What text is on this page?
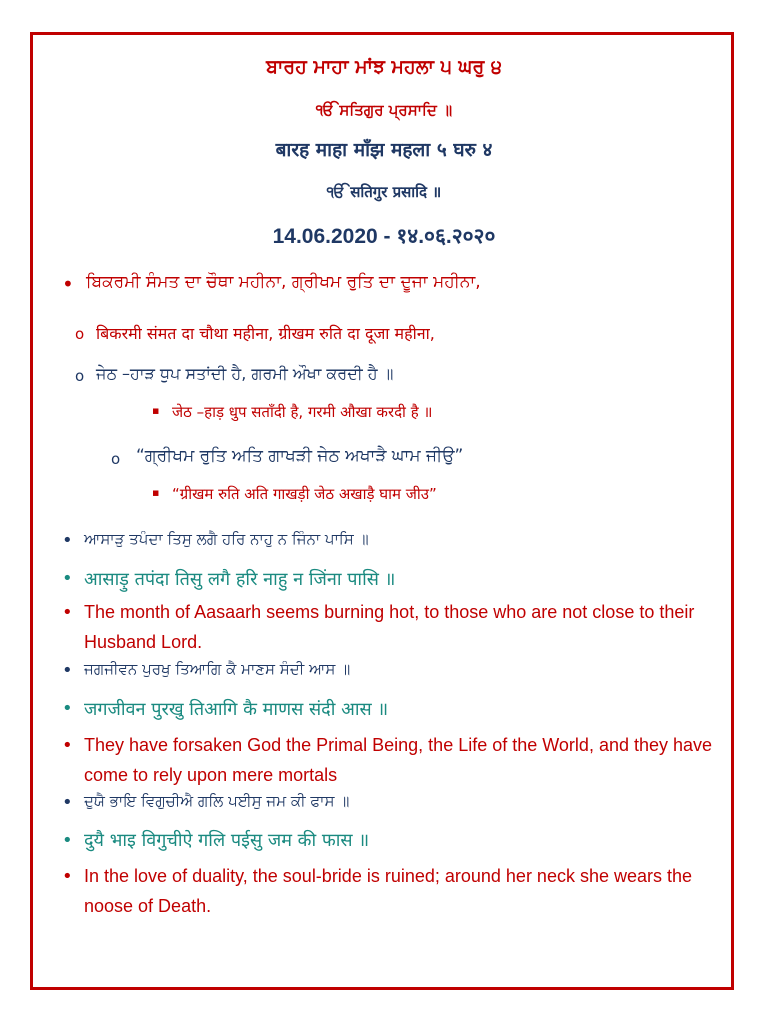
ਬਾਰਹ ਮਾਹਾ ਮਾਂਝ ਮਹਲਾ ੫ ਘਰੁ ੪
ੴ ਸਤਿਗੁਰ ਪ੍ਰਸਾਦਿ ॥
बारह माहा माँझ महला ५ घरु ४
ੴ सतिगुर प्रसादि ॥
14.06.2020 - १४.०६.२०२०
•
ਬਿਕਰਮੀ ਸੰਮਤ ਦਾ ਚੌਥਾ ਮਹੀਨਾ, ਗ੍ਰੀਖਮ ਰੁਤਿ ਦਾ ਦੂਜਾ ਮਹੀਨਾ,
o
बिकरमी संमत दा चौथा महीना, ग्रीखम रुति दा दूजा महीना,
o
ਜੇਠ –ਹਾੜ ਧੁਪ ਸਤਾਂਦੀ ਹੈ, ਗਰਮੀ ਔਖਾ ਕਰਦੀ ਹੈ ॥
▪
जेठ –हाड़ धुप सताँदी है, गरमी औखा करदी है ॥
o
“ਗ੍ਰੀਖਮ ਰੁਤਿ ਅਤਿ ਗਾਖੜੀ ਜੇਠ ਅਖਾੜੈ ਘਾਮ ਜੀਉ”
▪
“ग्रीखम रुति अति गाखड़ी जेठ अखाड़ै घाम जीउ”
•
ਆਸਾੜੁ ਤਪੰਦਾ ਤਿਸੁ ਲਗੈ ਹਰਿ ਨਾਹੁ ਨ ਜਿੰਨਾ ਪਾਸਿ ॥
•
आसाड़ु तपंदा तिसु लगै हरि नाहु न जिंना पासि ॥
•
The month of Aasaarh seems burning hot, to those who are not close to their Husband Lord.
•
ਜਗਜੀਵਨ ਪੁਰਖੁ ਤਿਆਗਿ ਕੈ ਮਾਣਸ ਸੰਦੀ ਆਸ ॥
•
जगजीवन पुरखु तिआगि कै माणस संदी आस ॥
•
They have forsaken God the Primal Being, the Life of the World, and they have come to rely upon mere mortals
•
ਦੁਯੈ ਭਾਇ ਵਿਗੁਚੀਐ ਗਲਿ ਪਈਸੁ ਜਮ ਕੀ ਫਾਸ ॥
•
दुयै भाइ विगुचीऐ गलि पईसु जम की फास ॥
•
In the love of duality, the soul-bride is ruined; around her neck she wears the noose of Death.
